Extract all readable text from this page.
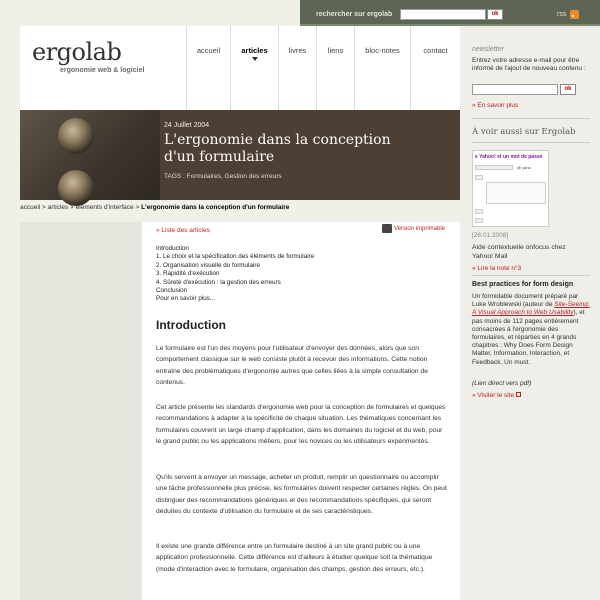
rechercher sur ergolab	ok	rss
ergolab
ergonomie web & logiciel
accueil	articles	livres	liens	bloc-notes	contact
24 Juillet 2004
L'ergonomie dans la conception d'un formulaire
TAGS : Formulaires, Gestion des erreurs
accueil > articles > éléments d'interface > L'ergonomie dans la conception d'un formulaire
« Liste des articles	Version imprimable
Introduction
1. Le choix et la spécification des éléments de formulaire
2. Organisation visuelle du formulaire
3. Rapidité d'exécution
4. Sûreté d'exécution : la gestion des erreurs
Conclusion
Pour en savoir plus...
Introduction

Le formulaire est l'un des moyens pour l'utilisateur d'envoyer des données, alors que son comportement classique sur le web consiste plutôt à recevoir des informations. Cette notion entraîne des problématiques d'ergonomie autres que celles liées à la simple consultation de contenus.

Cet article présente les standards d'ergonomie web pour la conception de formulaires et quelques recommandations à adapter à la spécificité de chaque situation. Les thématiques concernant les formulaires couvrent un large champ d'application, dans les domaines du logiciel et du web, pour le grand public ou les applications métiers, pour les novices ou les utilisateurs expérimentés.

Qu'ils servent à envoyer un message, acheter un produit, remplir un questionnaire ou accomplir une tâche professionnelle plus précise, les formulaires doivent respecter certaines règles. On peut distinguer des recommandations génériques et des recommandations spécifiques, qui seront déduites du contexte d'utilisation du formulaire et de ses caractéristiques.

Il existe une grande différence entre un formulaire destiné à un site grand public ou à une application professionnelle. Cette différence est d'ailleurs à étudier quelque soit la thématique (mode d'interaction avec le formulaire, organisation des champs, gestion des erreurs, etc.).

newsletter
Entrez votre adresse e-mail pour être informé de l'ajout de nouveau contenu :
ok
» En savoir plus
À voir aussi sur Ergolab
e Yahoo! et un mot de passe
@ yaho
[28.01.2008]
Aide contextuelle onfocus chez Yahoo! Mail
» Lire la note n°3
Best practices for form design
Un formidable document préparé par Luke Wroblewski (auteur de Site-Seeing: A Visual Approach to Web Usability), et pas moins de 112 pages entièrement consacrées à l'ergonomie des formulaires, et réparties en 4 grands chapitres : Why Does Form Design Matter, Information, Interaction, et Feedback. Un must.
(Lien direct vers pdf)
» Visiter le site
